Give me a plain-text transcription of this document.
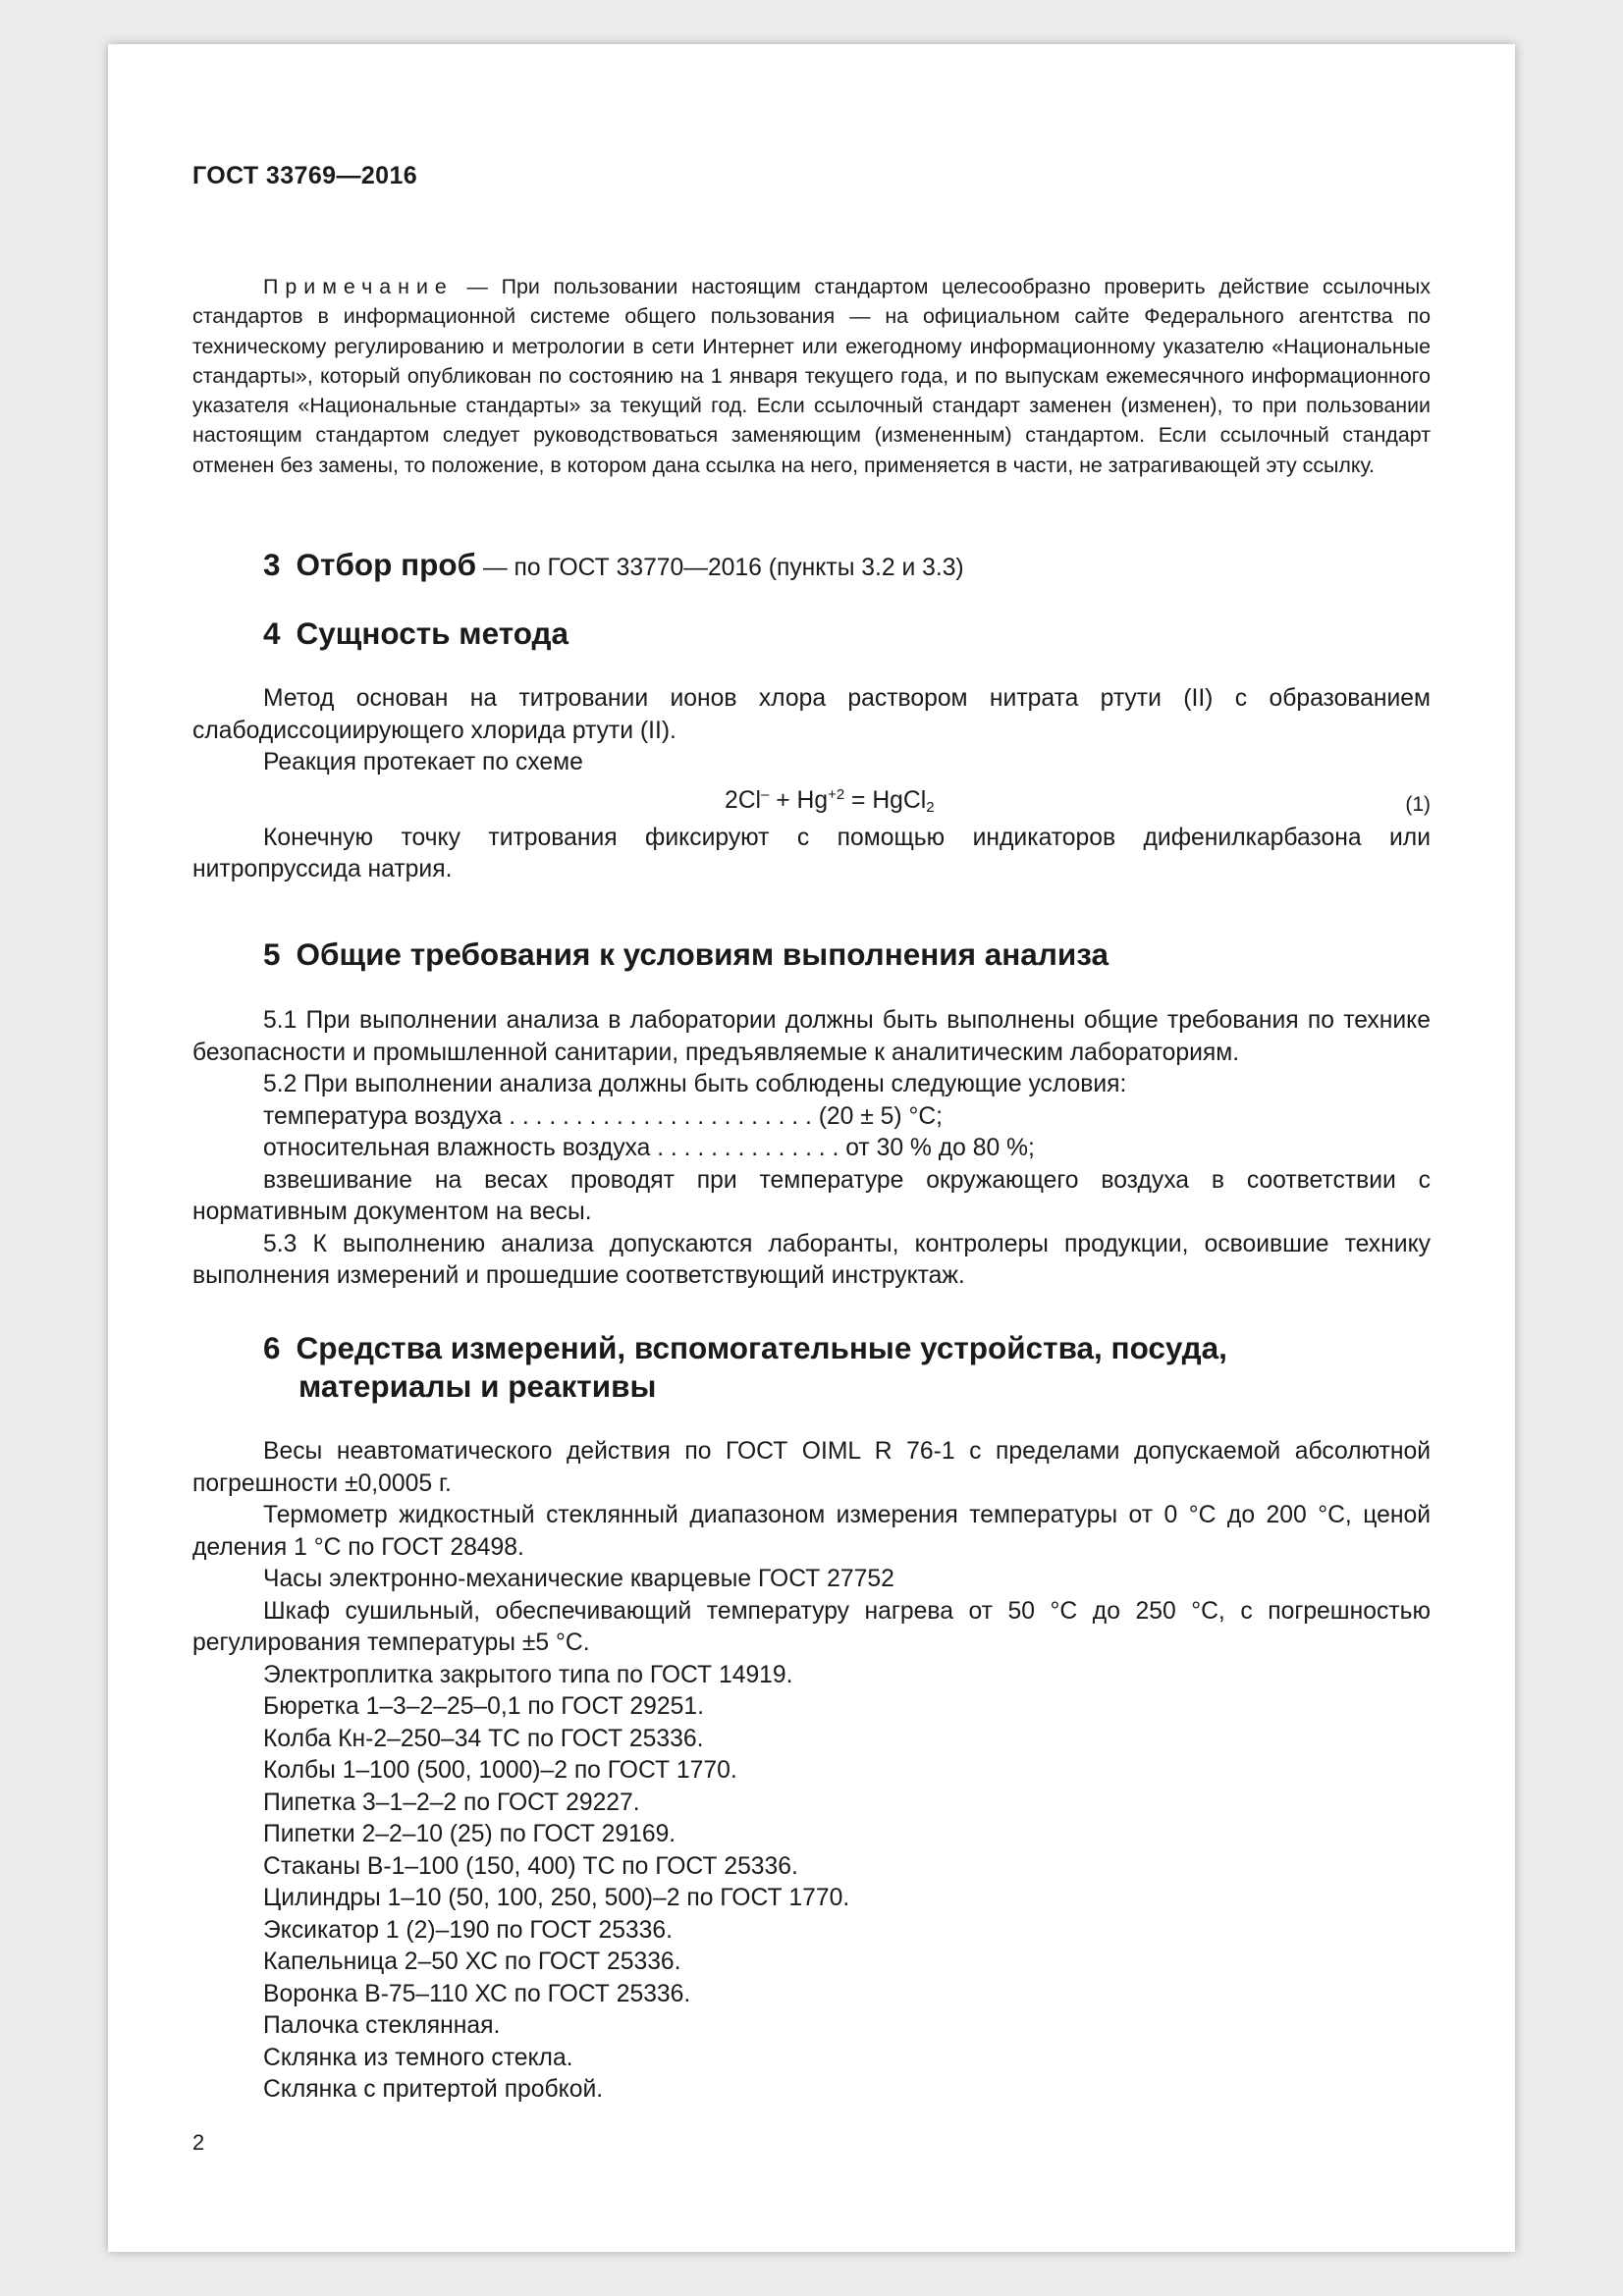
ГОСТ 33769—2016

Примечание — При пользовании настоящим стандартом целесообразно проверить действие ссылочных стандартов в информационной системе общего пользования — на официальном сайте Федерального агентства по техническому регулированию и метрологии в сети Интернет или ежегодному информационному указателю «Национальные стандарты», который опубликован по состоянию на 1 января текущего года, и по выпускам ежемесячного информационного указателя «Национальные стандарты» за текущий год. Если ссылочный стандарт заменен (изменен), то при пользовании настоящим стандартом следует руководствоваться заменяющим (измененным) стандартом. Если ссылочный стандарт отменен без замены, то положение, в котором дана ссылка на него, применяется в части, не затрагивающей эту ссылку.

3 Отбор проб — по ГОСТ 33770—2016 (пункты 3.2 и 3.3)
4 Сущность метода

Метод основан на титровании ионов хлора раствором нитрата ртути (II) с образованием слабодиссоциирующего хлорида ртути (II).

Реакция протекает по схеме

$2Cl^- + Hg^{+2}$ = HgCl$_2$	(1)

Конечную точку титрования фиксируют с помощью индикаторов дифенилкарбазона или нитропруссида натрия.

5 Общие требования к условиям выполнения анализа

5.1 При выполнении анализа в лаборатории должны быть выполнены общие требования по технике безопасности и промышленной санитарии, предъявляемые к аналитическим лабораториям.

5.2 При выполнении анализа должны быть соблюдены следующие условия:

температура воздуха . . . . . . . . . . . . . . . . . . . . . . . (20 ± 5) °С;

относительная влажность воздуха . . . . . . . . . . . . . . от 30 % до 80 %;

взвешивание на весах проводят при температуре окружающего воздуха в соответствии с нормативным документом на весы.

5.3 К выполнению анализа допускаются лаборанты, контролеры продукции, освоившие технику выполнения измерений и прошедшие соответствующий инструктаж.

6 Средства измерений, вспомогательные устройства, посуда,
материалы и реактивы

Весы неавтоматического действия по ГОСТ OIML R 76-1 с пределами допускаемой абсолютной погрешности ±0,0005 г.

Термометр жидкостный стеклянный диапазоном измерения температуры от 0 °С до 200 °С, ценой деления 1 °С по ГОСТ 28498.

Часы электронно-механические кварцевые ГОСТ 27752

Шкаф сушильный, обеспечивающий температуру нагрева от 50 °С до 250 °С, с погрешностью регулирования температуры ±5 °С.

Электроплитка закрытого типа по ГОСТ 14919.

Бюретка 1–3–2–25–0,1 по ГОСТ 29251.

Колба Кн-2–250–34 ТС по ГОСТ 25336.

Колбы 1–100 (500, 1000)–2 по ГОСТ 1770.

Пипетка 3–1–2–2 по ГОСТ 29227.

Пипетки 2–2–10 (25) по ГОСТ 29169.

Стаканы В-1–100 (150, 400) ТС по ГОСТ 25336.

Цилиндры 1–10 (50, 100, 250, 500)–2 по ГОСТ 1770.

Эксикатор 1 (2)–190 по ГОСТ 25336.

Капельница 2–50 ХС по ГОСТ 25336.

Воронка В-75–110 ХС по ГОСТ 25336.

Палочка стеклянная.

Склянка из темного стекла.

Склянка с притертой пробкой.

2
